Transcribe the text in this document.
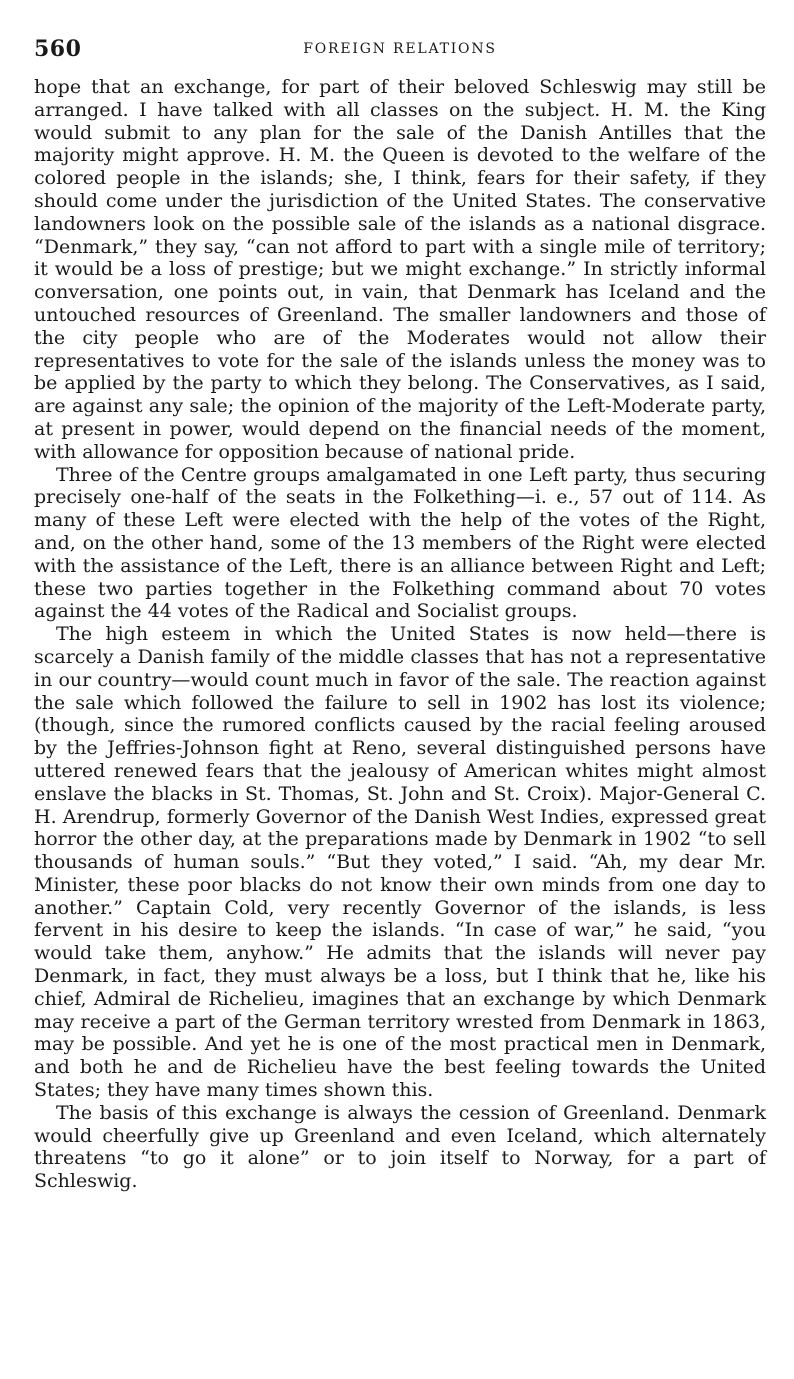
560	FOREIGN RELATIONS

hope that an exchange, for part of their beloved Schleswig may still be arranged. I have talked with all classes on the subject. H. M. the King would submit to any plan for the sale of the Danish Antilles that the majority might approve. H. M. the Queen is devoted to the welfare of the colored people in the islands; she, I think, fears for their safety, if they should come under the jurisdiction of the United States. The conservative landowners look on the possible sale of the islands as a national disgrace. “Denmark,” they say, “can not afford to part with a single mile of territory; it would be a loss of prestige; but we might exchange.” In strictly informal conversation, one points out, in vain, that Denmark has Iceland and the untouched resources of Greenland. The smaller landowners and those of the city people who are of the Moderates would not allow their representatives to vote for the sale of the islands unless the money was to be applied by the party to which they belong. The Conservatives, as I said, are against any sale; the opinion of the majority of the Left-Moderate party, at present in power, would depend on the financial needs of the moment, with allowance for opposition because of national pride.

Three of the Centre groups amalgamated in one Left party, thus securing precisely one-half of the seats in the Folkething—i. e., 57 out of 114. As many of these Left were elected with the help of the votes of the Right, and, on the other hand, some of the 13 members of the Right were elected with the assistance of the Left, there is an alliance between Right and Left; these two parties together in the Folkething command about 70 votes against the 44 votes of the Radical and Socialist groups.

The high esteem in which the United States is now held—there is scarcely a Danish family of the middle classes that has not a representative in our country—would count much in favor of the sale. The reaction against the sale which followed the failure to sell in 1902 has lost its violence; (though, since the rumored conflicts caused by the racial feeling aroused by the Jeffries-Johnson fight at Reno, several distinguished persons have uttered renewed fears that the jealousy of American whites might almost enslave the blacks in St. Thomas, St. John and St. Croix). Major-General C. H. Arendrup, formerly Governor of the Danish West Indies, expressed great horror the other day, at the preparations made by Denmark in 1902 “to sell thousands of human souls.” “But they voted,” I said. “Ah, my dear Mr. Minister, these poor blacks do not know their own minds from one day to another.” Captain Cold, very recently Governor of the islands, is less fervent in his desire to keep the islands. “In case of war,” he said, “you would take them, anyhow.” He admits that the islands will never pay Denmark, in fact, they must always be a loss, but I think that he, like his chief, Admiral de Richelieu, imagines that an exchange by which Denmark may receive a part of the German territory wrested from Denmark in 1863, may be possible. And yet he is one of the most practical men in Denmark, and both he and de Richelieu have the best feeling towards the United States; they have many times shown this.

The basis of this exchange is always the cession of Greenland. Denmark would cheerfully give up Greenland and even Iceland, which alternately threatens “to go it alone” or to join itself to Norway, for a part of Schleswig.
